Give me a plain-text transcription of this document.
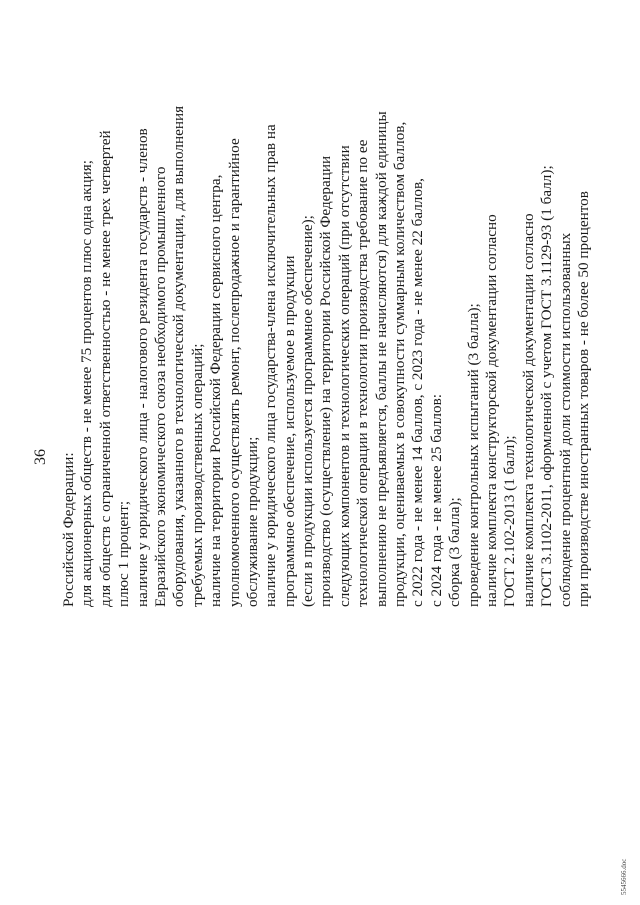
36 Российской Федерации: для акционерных обществ - не менее 75 процентов плюс одна акция; для обществ с ограниченной ответственностью - не менее трех четвертей плюс 1 процент; наличие у юридического лица - налогового резидента государств - членов Евразийского экономического союза необходимого промышленного оборудования, указанного в технологической документации, для выполнения требуемых производственных операций; наличие на территории Российской Федерации сервисного центра, уполномоченного осуществлять ремонт, послепродажное и гарантийное обслуживание продукции; наличие у юридического лица государства-члена исключительных прав на программное обеспечение, используемое в продукции (если в продукции используется программное обеспечение); производство (осуществление) на территории Российской Федерации следующих компонентов и технологических операций (при отсутствии технологической операции в технологии производства требование по ее выполнению не предъявляется, баллы не начисляются) для каждой единицы продукции, оцениваемых в совокупности суммарным количеством баллов, с 2022 года - не менее 14 баллов, с 2023 года - не менее 22 баллов, с 2024 года - не менее 25 баллов: сборка (3 балла); проведение контрольных испытаний (3 балла); наличие комплекта конструкторской документации согласно ГОСТ 2.102-2013 (1 балл); наличие комплекта технологической документации согласно ГОСТ 3.1102-2011, оформленной с учетом ГОСТ 3.1129-93 (1 балл); соблюдение процентной доли стоимости использованных при производстве иностранных товаров - не более 50 процентов
5545666.doc
